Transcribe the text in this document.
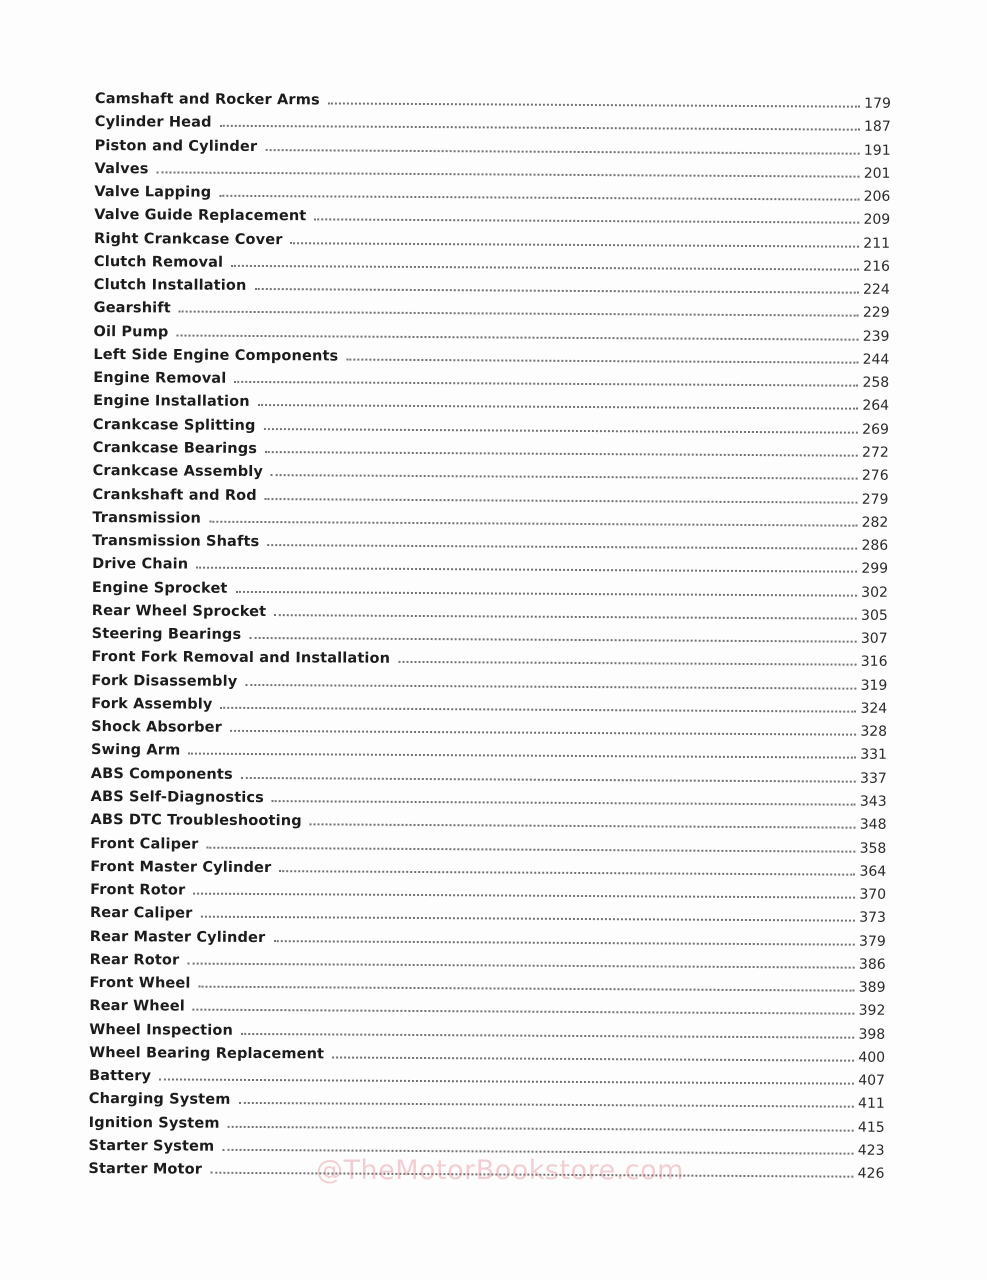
Camshaft and Rocker Arms	179
Cylinder Head	187
Piston and Cylinder	191
Valves	201
Valve Lapping	206
Valve Guide Replacement	209
Right Crankcase Cover	211
Clutch Removal	216
Clutch Installation	224
Gearshift	229
Oil Pump	239
Left Side Engine Components	244
Engine Removal	258
Engine Installation	264
Crankcase Splitting	269
Crankcase Bearings	272
Crankcase Assembly	276
Crankshaft and Rod	279
Transmission	282
Transmission Shafts	286
Drive Chain	299
Engine Sprocket	302
Rear Wheel Sprocket	305
Steering Bearings	307
Front Fork Removal and Installation	316
Fork Disassembly	319
Fork Assembly	324
Shock Absorber	328
Swing Arm	331
ABS Components	337
ABS Self-Diagnostics	343
ABS DTC Troubleshooting	348
Front Caliper	358
Front Master Cylinder	364
Front Rotor	370
Rear Caliper	373
Rear Master Cylinder	379
Rear Rotor	386
Front Wheel	389
Rear Wheel	392
Wheel Inspection	398
Wheel Bearing Replacement	400
Battery	407
Charging System	411
Ignition System	415
Starter System	423
Starter Motor	426
@TheMotorBookstore.com
